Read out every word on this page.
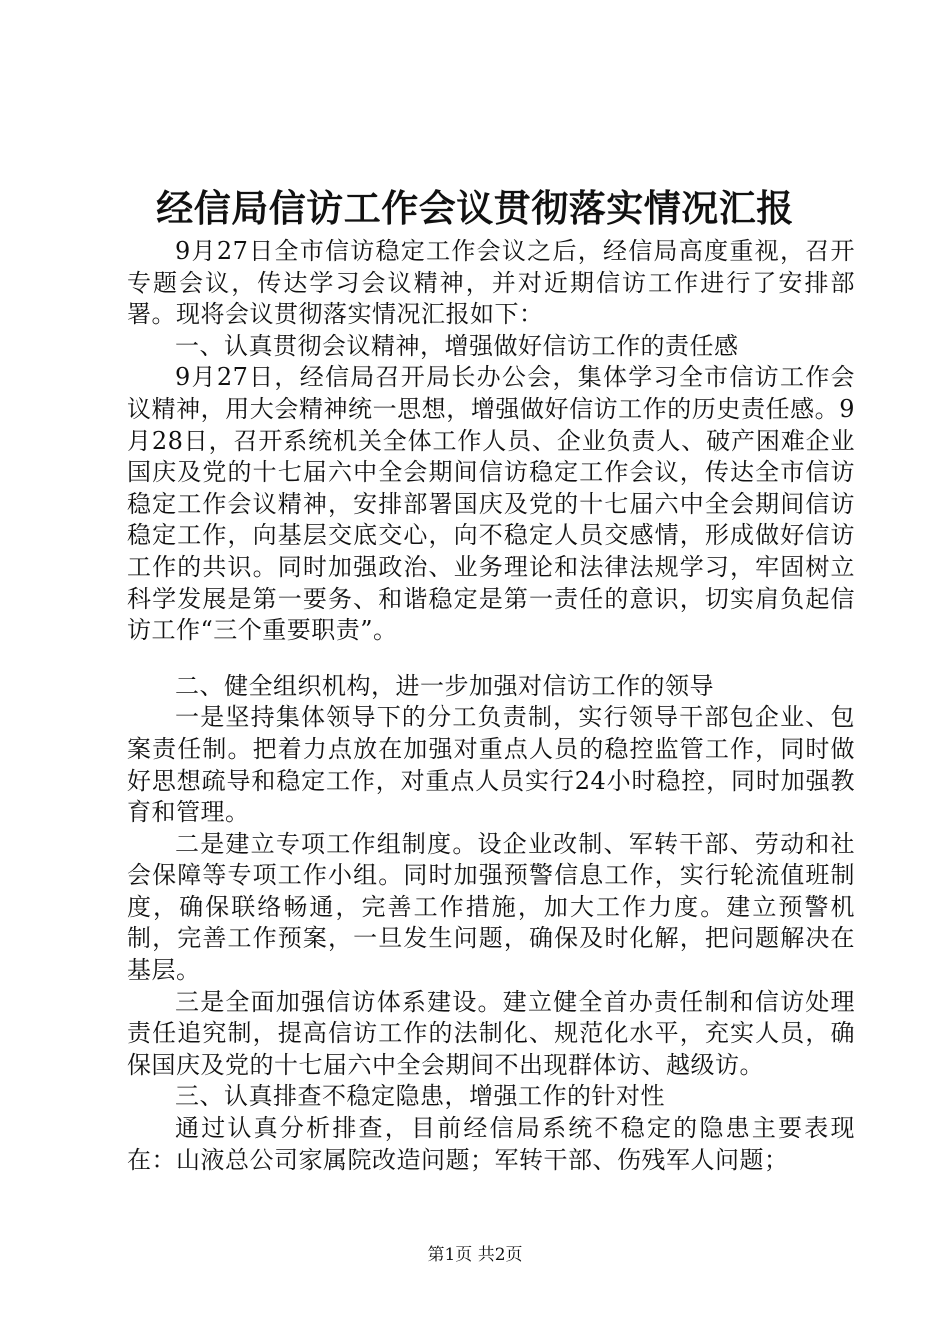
经信局信访工作会议贯彻落实情况汇报

9月27日全市信访稳定工作会议之后，经信局高度重视，召开专题会议，传达学习会议精神，并对近期信访工作进行了安排部署。现将会议贯彻落实情况汇报如下：

一、认真贯彻会议精神，增强做好信访工作的责任感

9月27日，经信局召开局长办公会，集体学习全市信访工作会议精神，用大会精神统一思想，增强做好信访工作的历史责任感。9月28日，召开系统机关全体工作人员、企业负责人、破产困难企业国庆及党的十七届六中全会期间信访稳定工作会议，传达全市信访稳定工作会议精神，安排部署国庆及党的十七届六中全会期间信访稳定工作，向基层交底交心，向不稳定人员交感情，形成做好信访工作的共识。同时加强政治、业务理论和法律法规学习，牢固树立科学发展是第一要务、和谐稳定是第一责任的意识，切实肩负起信访工作“三个重要职责”。

二、健全组织机构，进一步加强对信访工作的领导

一是坚持集体领导下的分工负责制，实行领导干部包企业、包案责任制。把着力点放在加强对重点人员的稳控监管工作，同时做好思想疏导和稳定工作，对重点人员实行24小时稳控，同时加强教育和管理。

二是建立专项工作组制度。设企业改制、军转干部、劳动和社会保障等专项工作小组。同时加强预警信息工作，实行轮流值班制度，确保联络畅通，完善工作措施，加大工作力度。建立预警机制，完善工作预案，一旦发生问题，确保及时化解，把问题解决在基层。

三是全面加强信访体系建设。建立健全首办责任制和信访处理责任追究制，提高信访工作的法制化、规范化水平，充实人员，确保国庆及党的十七届六中全会期间不出现群体访、越级访。

三、认真排查不稳定隐患，增强工作的针对性

通过认真分析排查，目前经信局系统不稳定的隐患主要表现在：山液总公司家属院改造问题；军转干部、伤残军人问题；

第1页 共2页
